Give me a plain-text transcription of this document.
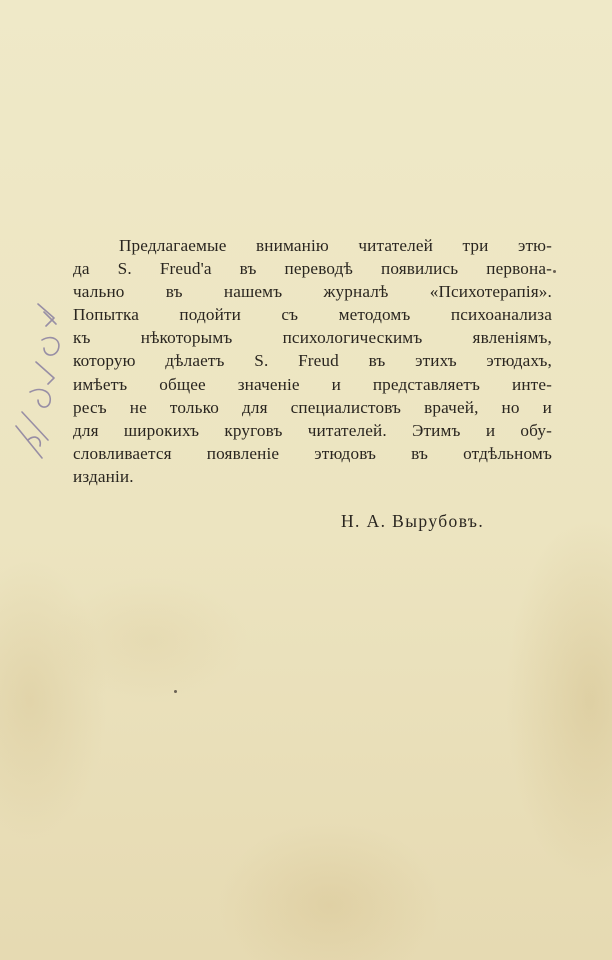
Предлагаемые вниманію читателей три этю-
да S. Freud'a въ переводѣ появились первона-
чально въ нашемъ журналѣ «Психотерапія».
Попытка подойти съ методомъ психоанализа
къ нѣкоторымъ психологическимъ явленіямъ,
которую дѣлаетъ S. Freud въ этихъ этюдахъ,
имѣетъ общее значеніе и представляетъ инте-
ресъ не только для специалистовъ врачей, но и
для широкихъ круговъ читателей. Этимъ и обу-
словливается появленіе этюдовъ въ отдѣльномъ
изданіи.
Н. А. Вырубовъ.
